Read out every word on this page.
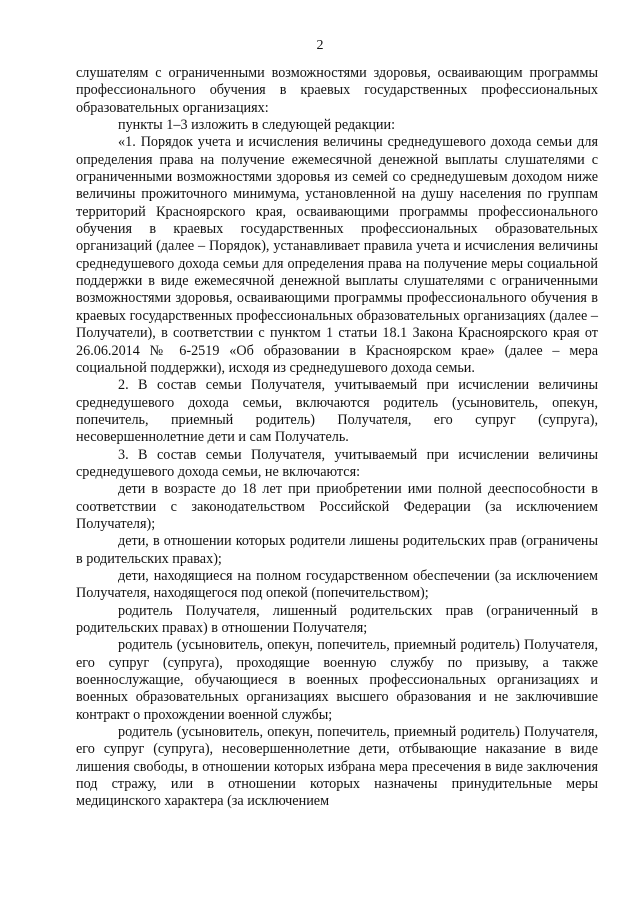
2

слушателям с ограниченными возможностями здоровья, осваивающим программы профессионального обучения в краевых государственных профессиональных образовательных организациях:

пункты 1–3 изложить в следующей редакции:

«1. Порядок учета и исчисления величины среднедушевого дохода семьи для определения права на получение ежемесячной денежной выплаты слушателями с ограниченными возможностями здоровья из семей со среднедушевым доходом ниже величины прожиточного минимума, установленной на душу населения по группам территорий Красноярского края, осваивающими программы профессионального обучения в краевых государственных профессиональных образовательных организаций (далее – Порядок), устанавливает правила учета и исчисления величины среднедушевого дохода семьи для определения права на получение меры социальной поддержки в виде ежемесячной денежной выплаты слушателями с ограниченными возможностями здоровья, осваивающими программы профессионального обучения в краевых государственных профессиональных образовательных организациях (далее – Получатели), в соответствии с пунктом 1 статьи 18.1 Закона Красноярского края от 26.06.2014 № 6-2519 «Об образовании в Красноярском крае» (далее – мера социальной поддержки), исходя из среднедушевого дохода семьи.

2. В состав семьи Получателя, учитываемый при исчислении величины среднедушевого дохода семьи, включаются родитель (усыновитель, опекун, попечитель, приемный родитель) Получателя, его супруг (супруга), несовершеннолетние дети и сам Получатель.

3. В состав семьи Получателя, учитываемый при исчислении величины среднедушевого дохода семьи, не включаются:

дети в возрасте до 18 лет при приобретении ими полной дееспособности в соответствии с законодательством Российской Федерации (за исключением Получателя);

дети, в отношении которых родители лишены родительских прав (ограничены в родительских правах);

дети, находящиеся на полном государственном обеспечении (за исключением Получателя, находящегося под опекой (попечительством);

родитель Получателя, лишенный родительских прав (ограниченный в родительских правах) в отношении Получателя;

родитель (усыновитель, опекун, попечитель, приемный родитель) Получателя, его супруг (супруга), проходящие военную службу по призыву, а также военнослужащие, обучающиеся в военных профессиональных организациях и военных образовательных организациях высшего образования и не заключившие контракт о прохождении военной службы;

родитель (усыновитель, опекун, попечитель, приемный родитель) Получателя, его супруг (супруга), несовершеннолетние дети, отбывающие наказание в виде лишения свободы, в отношении которых избрана мера пресечения в виде заключения под стражу, или в отношении которых назначены принудительные меры медицинского характера (за исключением
